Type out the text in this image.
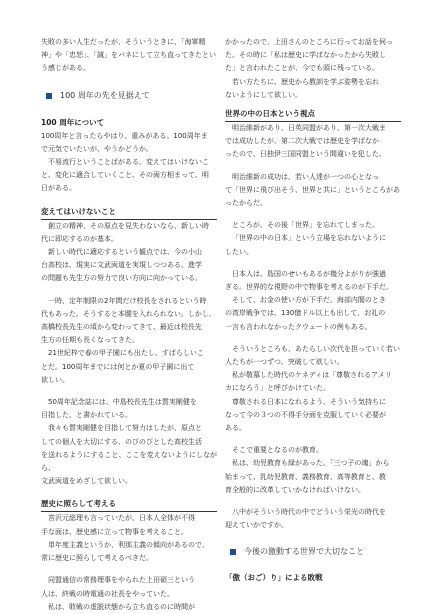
失敗の多い人生だったが、そういうときに、「海軍精

神」や「忠恕」、「誠」をバネにして立ち直ってきたとい

う感じがある。

100 周年の先を見据えて

100 周年について

100周年と言ったらやはり、重みがある。100周年ま

で元気でいたいが、やうかどうか。

不易流行ということばがある。変えてはいけないこ

と、変化に適合していくこと、その両方相まって、明

日がある。

変えてはいけないこと

創立の精神、その原点を見失わないなら、新しい時

代に即応するのが基本。

新しい時代に適応するという観点では、今の小山

台高校は、現実に文武両道を実現しつつある。進学

の問題も先生方の努力で良い方向に向かっている。

一時、定年制限の2年間だけ校長をされるという時

代もあった。そうすると本腰を入れられない。しかし、

高橋校長先生の頃から変わってきて、最近は校長先

生方の任期も長くなってきた。

21世紀枠で春の甲子園にも出たし、すばらしいこ

とだ。100周年までには何とか夏の甲子園に出て

欲しい。

50周年記念誌には、中島校長先生は質実剛健を

目指した、と書かれている。

我々も質実剛健を目指して努力はしたが、原点と

しての個人を大切にする、のびのびとした高校生活

を送れるようにすること、ここを変えないようにしながら、

文武両道をめざして欲しい。

歴史に照らして考える

宮沢元総理も言っていたが、日本人全体が不得

手な面は、歴史感に立って物事を考えること。

単年度主義というか、利那主義の傾向があるので、

常に歴史に照らして考えるべきだ。

同盟通信の常務理事をやられた上田碩三という

人は、終戦の時電通の社長をやっていた。

私は、敗戦の虚脱状態から立ち直るのに時間が

かかったので、上田さんのところに行ってお話を伺っ

た。その時に「私は歴史に学ばなかったから失敗し

た」と言われたことが、今でも頭に残っている。

若い方たちに、歴史から教訓を学ぶ姿勢を忘れ

ないようにして欲しい。

世界の中の日本という視点

明治維新があり、日英同盟があり、第一次大戦ま

では成功したが、第二次大戦では歴史を学ばなか

ったので、日独伊三国同盟という間違いを犯した。

明治維新の成功は、若い人達が一つの心となっ

て「世界に飛び出そう、世界と共に」というところがあ

ったからだ。

ところが、その後「世界」を忘れてしまった。

「世界の中の日本」という立場を忘れないように

したい。

日本人は、島国のせいもあるが幾分よがりが強過

ぎる。世界的な視野の中で物事を考えるのが下手だ。

そして、お金の使い方が下手だ。海部内閣のとき

の湾岸戦争では、130億ドル以上も出して、お礼の

一言も言われなかったクウェートの例もある。

そういうところも、あたらしい次代を担っていく若い

人たちが一つずつ、突破して欲しい。

私が敬慕した時代のケネディは「尊敬されるアメリ

カになろう」と呼びかけていた。

尊敬される日本になれるよう、そういう気持ちに

なって今の３つの不得手分面を克服していく必要が

ある。

そこで重要となるのが教育。

私は、幼児教育も緑があった。「三つ子の魂」から

始まって、乳幼児教育、義務教育、高等教育と、教

育全般的に改革していかなければいけない。

八中がそういう時代の中でどういう栄光の時代を

迎えていかですか。

今後の激動する世界で大切なこと

「傲（おご）り」による敗戦
